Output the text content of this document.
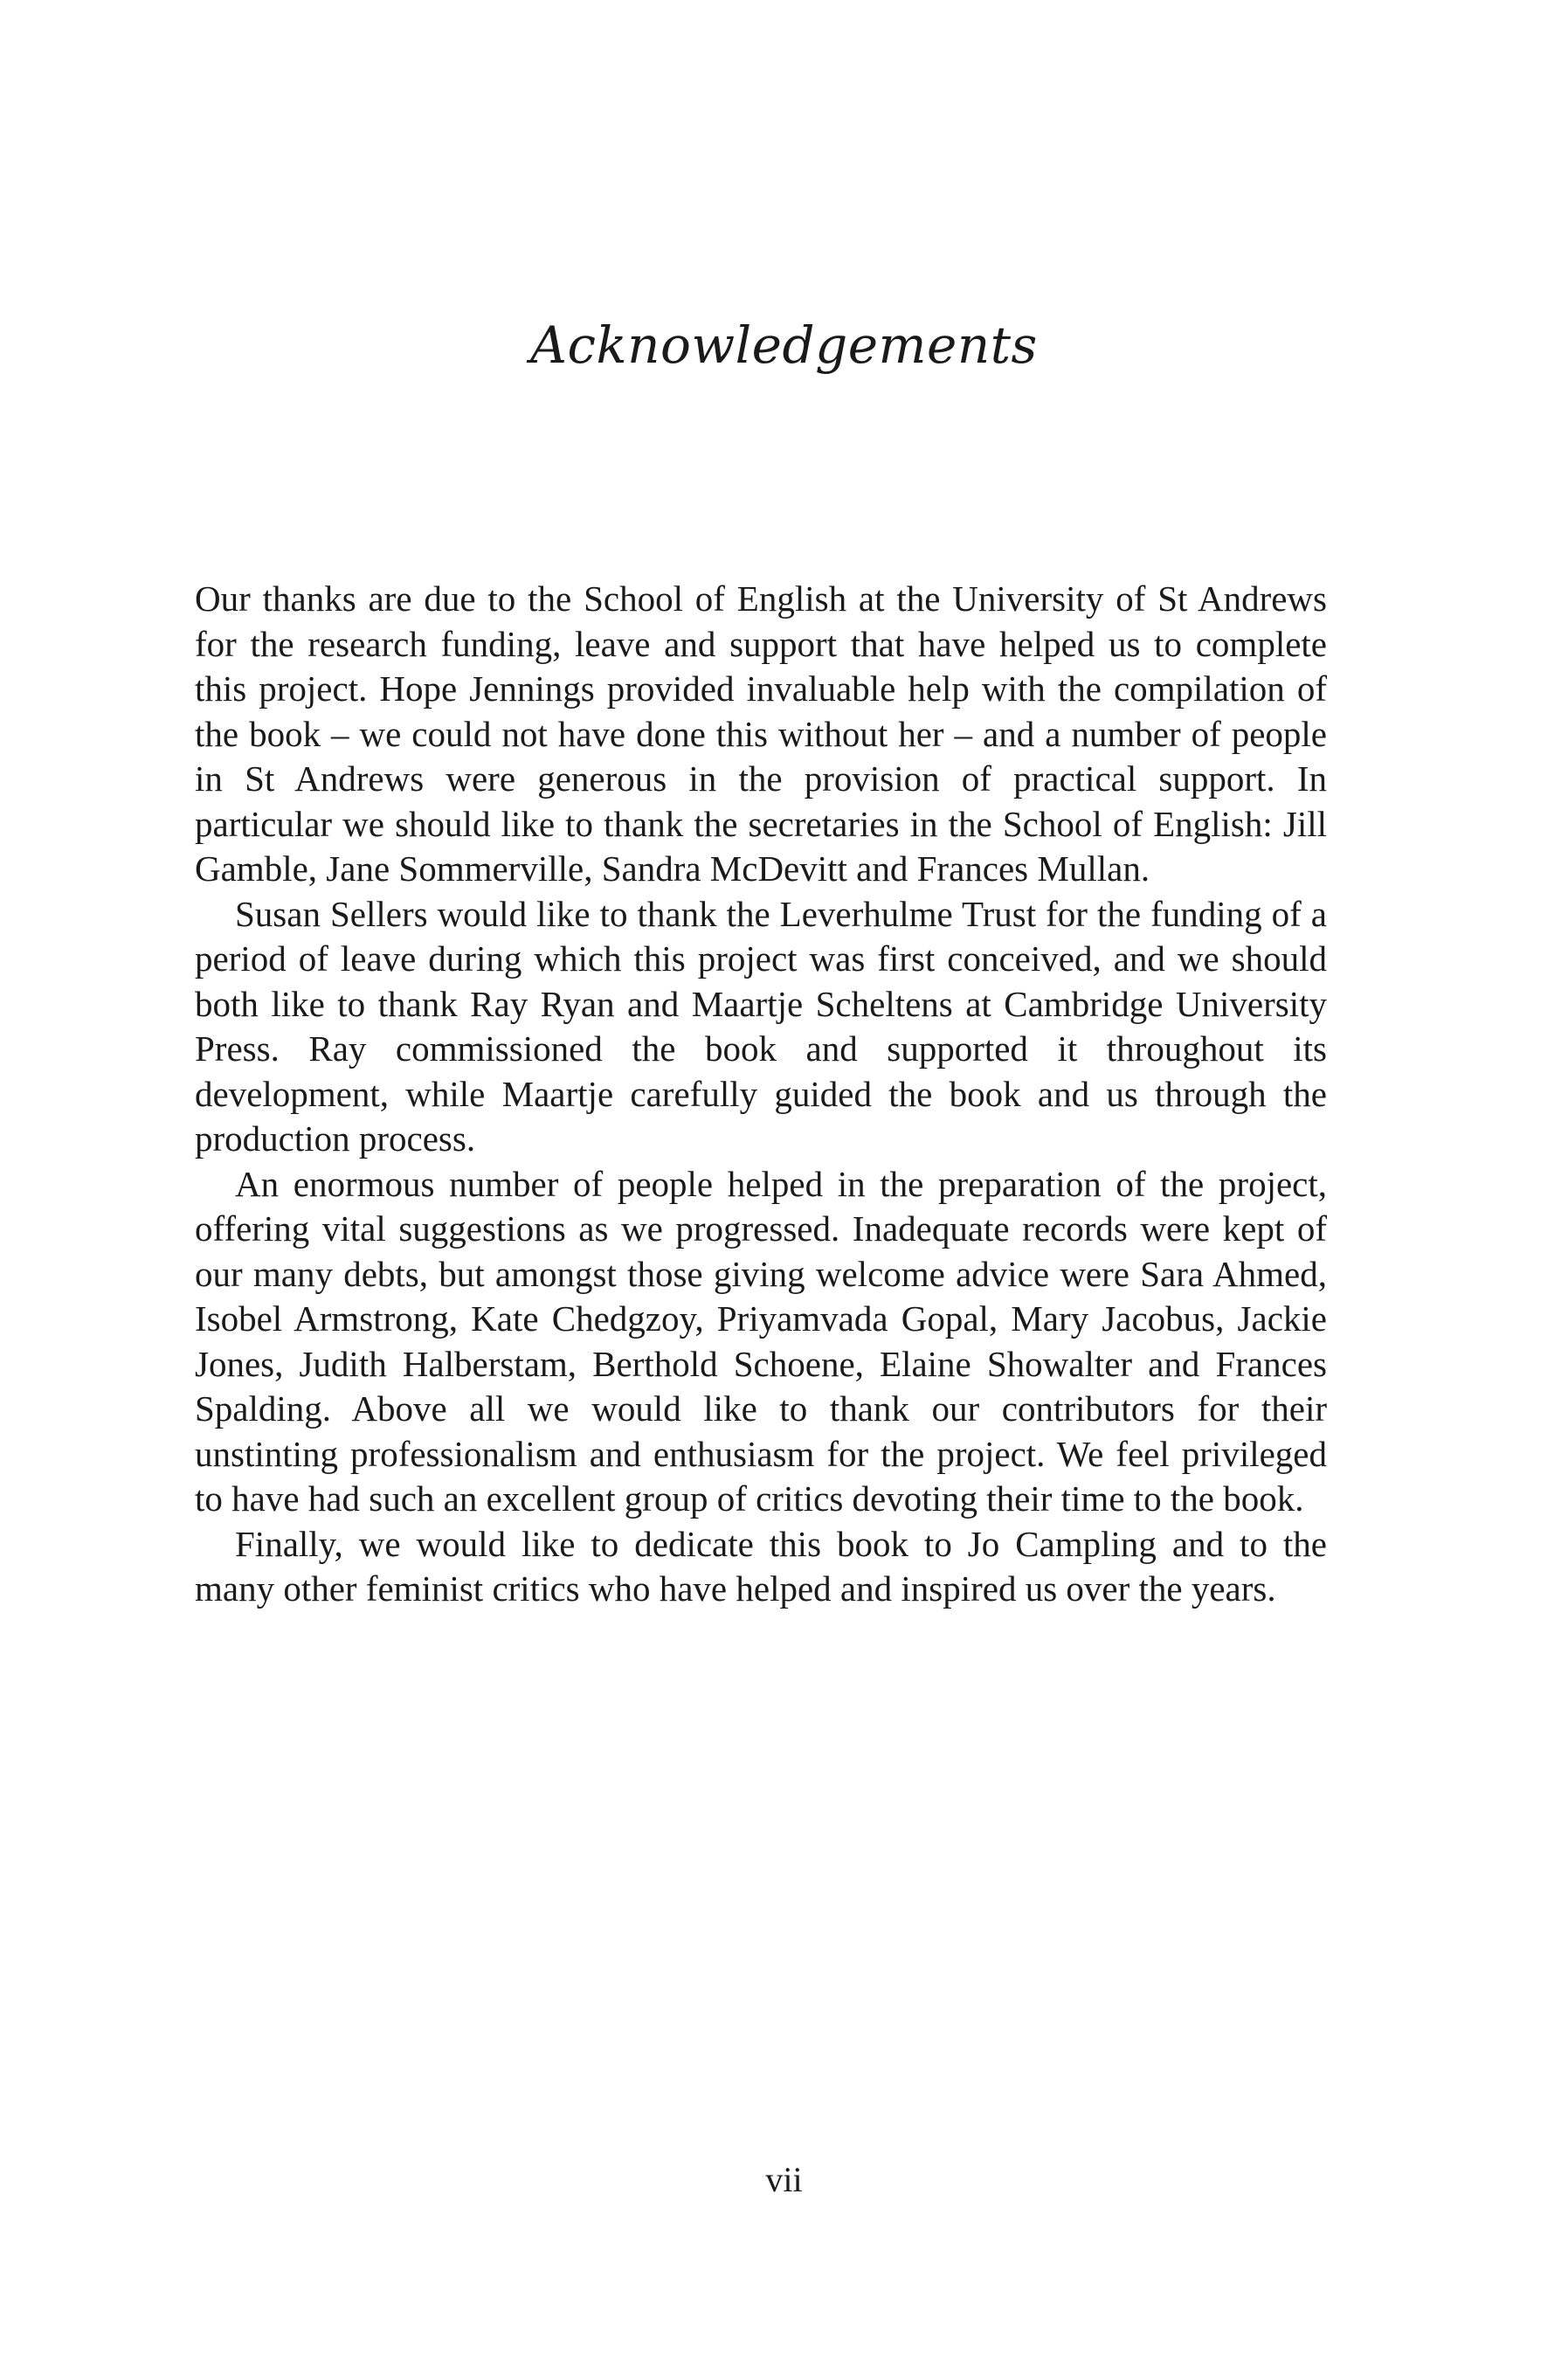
Acknowledgements

Our thanks are due to the School of English at the University of St Andrews for the research funding, leave and support that have helped us to complete this project. Hope Jennings provided invaluable help with the compilation of the book – we could not have done this without her – and a number of people in St Andrews were generous in the provision of practical support. In particular we should like to thank the secretaries in the School of English: Jill Gamble, Jane Sommerville, Sandra McDevitt and Frances Mullan.

Susan Sellers would like to thank the Leverhulme Trust for the funding of a period of leave during which this project was first conceived, and we should both like to thank Ray Ryan and Maartje Scheltens at Cambridge University Press. Ray commissioned the book and supported it throughout its development, while Maartje carefully guided the book and us through the production process.

An enormous number of people helped in the preparation of the project, offering vital suggestions as we progressed. Inadequate records were kept of our many debts, but amongst those giving welcome advice were Sara Ahmed, Isobel Armstrong, Kate Chedgzoy, Priyamvada Gopal, Mary Jacobus, Jackie Jones, Judith Halberstam, Berthold Schoene, Elaine Showalter and Frances Spalding. Above all we would like to thank our contributors for their unstinting professionalism and enthusiasm for the project. We feel privileged to have had such an excellent group of critics devoting their time to the book.

Finally, we would like to dedicate this book to Jo Campling and to the many other feminist critics who have helped and inspired us over the years.

vii
